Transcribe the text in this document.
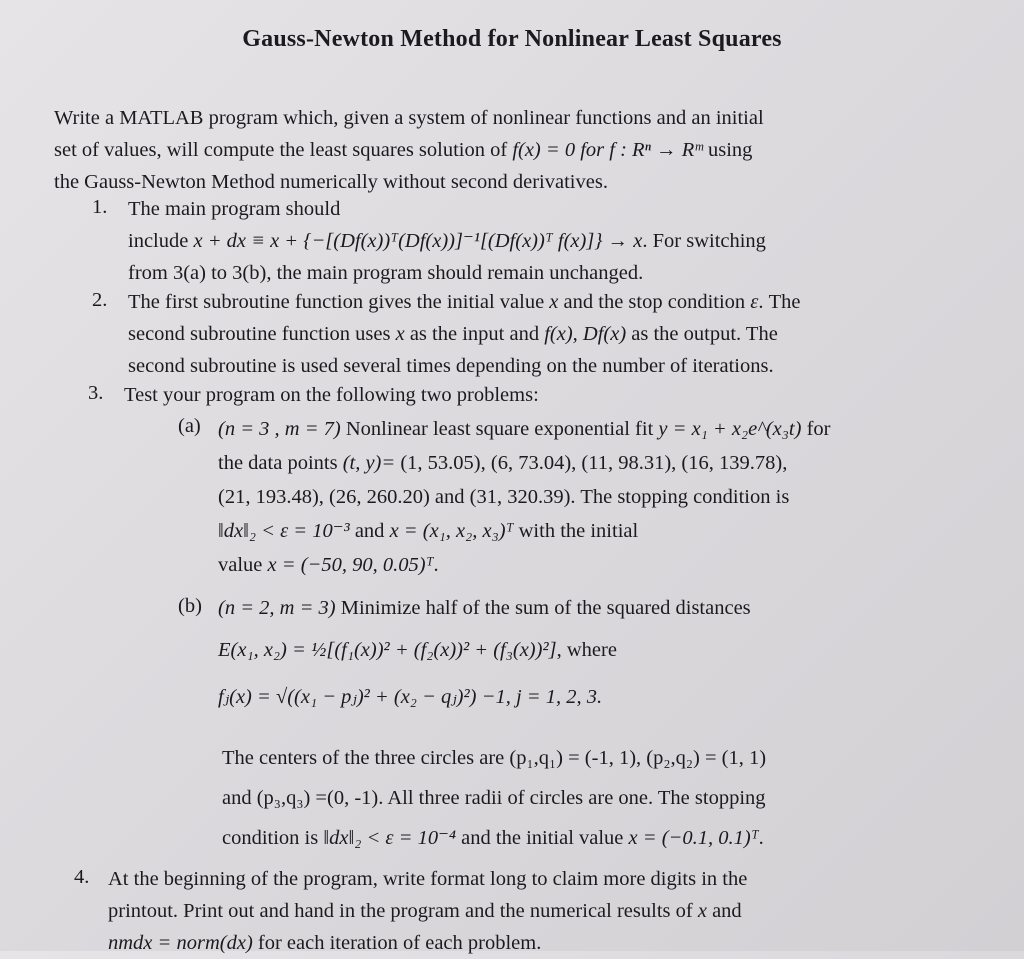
Gauss-Newton Method for Nonlinear Least Squares
Write a MATLAB program which, given a system of nonlinear functions and an initial
set of values, will compute the least squares solution of f(x) = 0 for f : Rⁿ → Rᵐ using
the Gauss-Newton Method numerically without second derivatives.
1. The main program should
include x + dx ≡ x + {−[(Df(x))ᵀ(Df(x))]⁻¹[(Df(x))ᵀ f(x)]} → x. For switching
from 3(a) to 3(b), the main program should remain unchanged.
2. The first subroutine function gives the initial value x and the stop condition ε. The
second subroutine function uses x as the input and f(x), Df(x) as the output. The
second subroutine is used several times depending on the number of iterations.
3. Test your program on the following two problems:
(a) (n = 3 , m = 7) Nonlinear least square exponential fit y = x₁ + x₂e^(x₃t) for
the data points (t, y)= (1, 53.05), (6, 73.04), (11, 98.31), (16, 139.78),
(21, 193.48), (26, 260.20) and (31, 320.39). The stopping condition is
‖dx‖₂ < ε = 10⁻³ and x = (x₁, x₂, x₃)ᵀ with the initial
value x = (−50, 90, 0.05)ᵀ.
(b) (n = 2, m = 3) Minimize half of the sum of the squared distances
E(x₁, x₂) = ½[(f₁(x))² + (f₂(x))² + (f₃(x))²], where
fⱼ(x) = √((x₁ − pⱼ)² + (x₂ − qⱼ)²) −1, j = 1, 2, 3.
The centers of the three circles are (p₁,q₁) = (-1, 1), (p₂,q₂) = (1, 1)
and (p₃,q₃) =(0, -1). All three radii of circles are one. The stopping
condition is ‖dx‖₂ < ε = 10⁻⁴ and the initial value x = (−0.1, 0.1)ᵀ.
4. At the beginning of the program, write format long to claim more digits in the
printout. Print out and hand in the program and the numerical results of x and
nmdx = norm(dx) for each iteration of each problem.
